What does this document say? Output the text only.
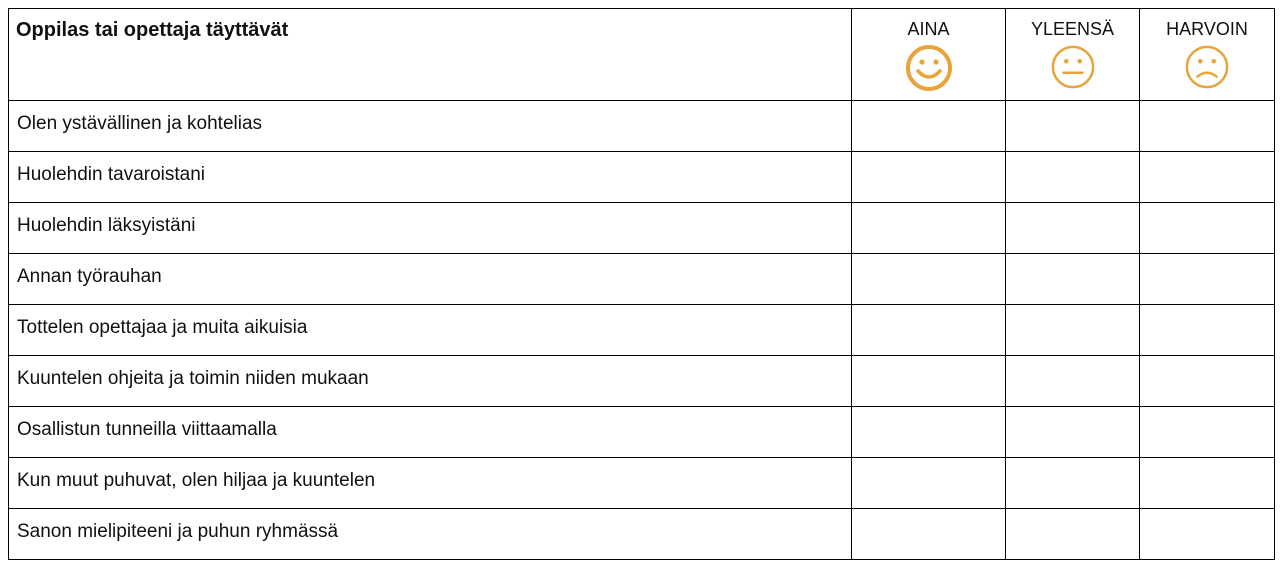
Oppilas tai opettaja täyttävät	AINA	YLEENSÄ	HARVOIN

Olen ystävällinen ja kohtelias			

Huolehdin tavaroistani			

Huolehdin läksyistäni			

Annan työrauhan			

Tottelen opettajaa ja muita aikuisia			

Kuuntelen ohjeita ja toimin niiden mukaan			

Osallistun tunneilla viittaamalla			

Kun muut puhuvat, olen hiljaa ja kuuntelen			

Sanon mielipiteeni ja puhun ryhmässä			
